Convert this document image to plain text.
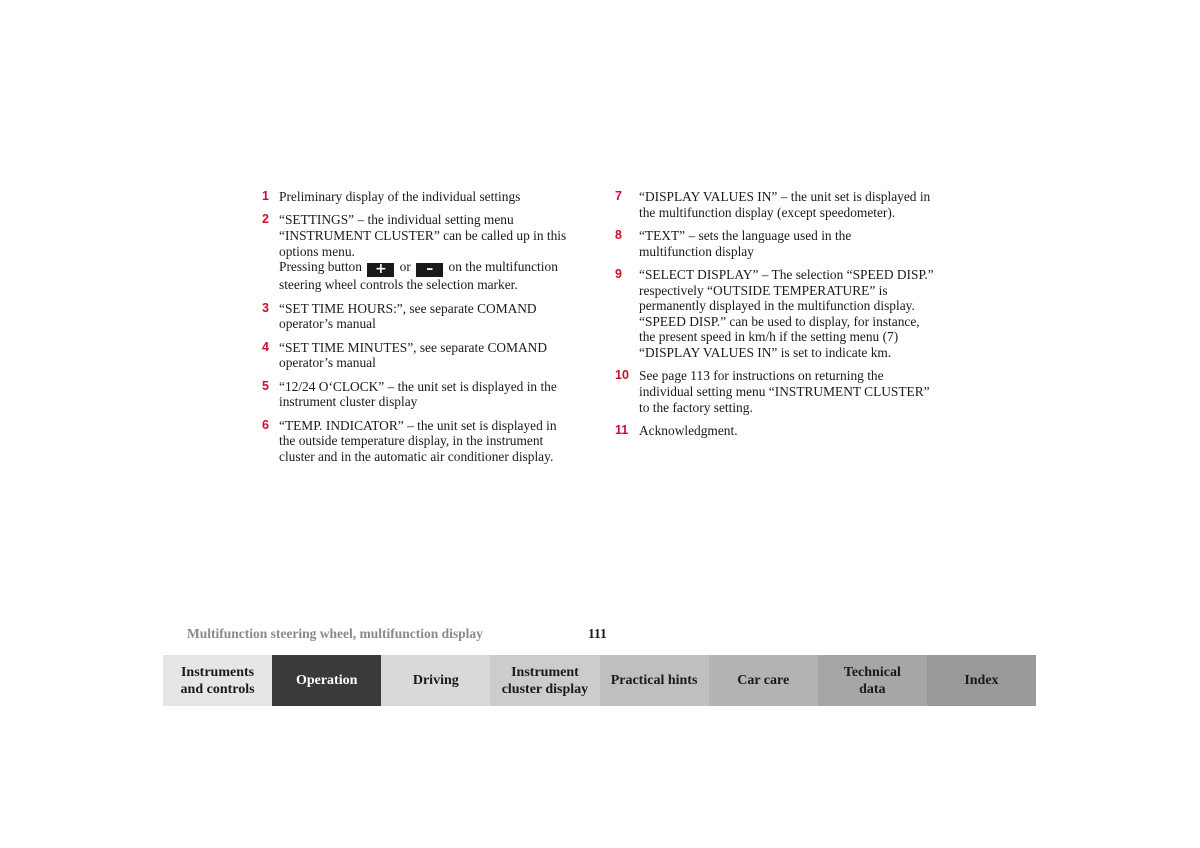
1 Preliminary display of the individual settings
2 “SETTINGS” – the individual setting menu
“INSTRUMENT CLUSTER” can be called up in this
options menu.
Pressing button + or – on the multifunction
steering wheel controls the selection marker.
3 “SET TIME HOURS:”, see separate COMAND
operator’s manual
4 “SET TIME MINUTES”, see separate COMAND
operator’s manual
5 “12/24 O‘CLOCK” – the unit set is displayed in the
instrument cluster display
6 “TEMP. INDICATOR” – the unit set is displayed in
the outside temperature display, in the instrument
cluster and in the automatic air conditioner display.
7 “DISPLAY VALUES IN” – the unit set is displayed in
the multifunction display (except speedometer).
8 “TEXT” – sets the language used in the
multifunction display
9 “SELECT DISPLAY” – The selection “SPEED DISP.”
respectively “OUTSIDE TEMPERATURE” is
permanently displayed in the multifunction display.
“SPEED DISP.” can be used to display, for instance,
the present speed in km/h if the setting menu (7)
“DISPLAY VALUES IN” is set to indicate km.
10 See page 113 for instructions on returning the
individual setting menu “INSTRUMENT CLUSTER”
to the factory setting.
11 Acknowledgment.
Multifunction steering wheel, multifunction display	111
Instruments
and controls
Operation	Driving
Instrument
cluster display
Practical hints	Car care
Technical
data
Index
